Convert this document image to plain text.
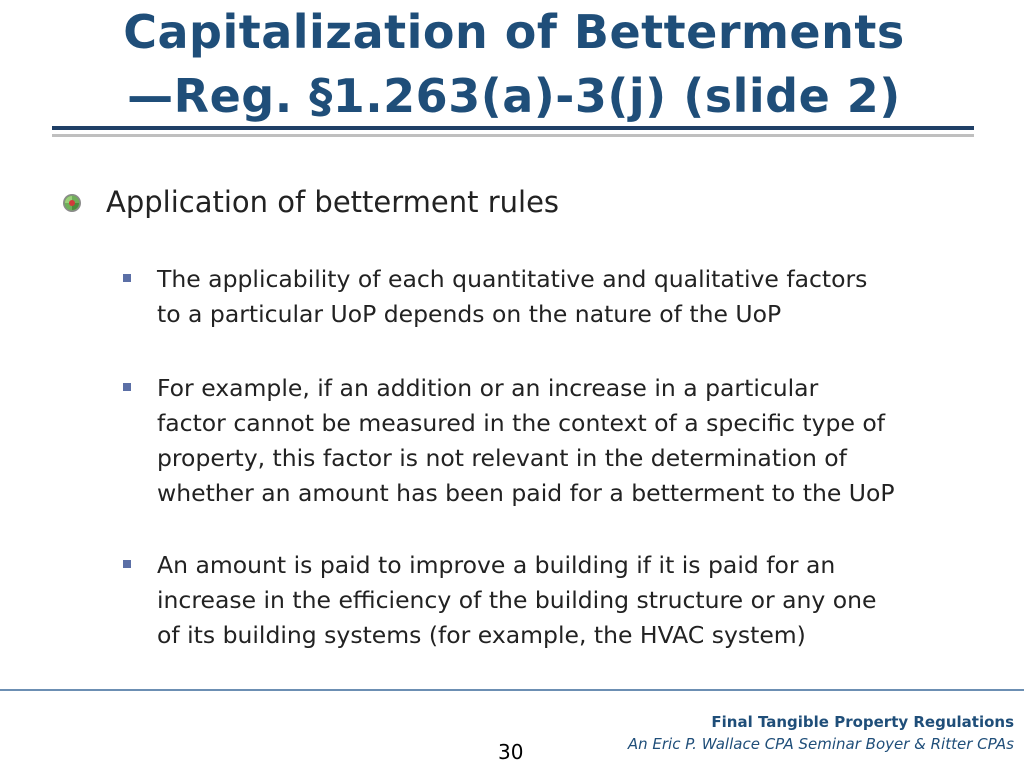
Capitalization of Betterments
—Reg. §1.263(a)-3(j) (slide 2)
Application of betterment rules
The applicability of each quantitative and qualitative factors
to a particular UoP depends on the nature of the UoP
For example, if an addition or an increase in a particular
factor cannot be measured in the context of a specific type of
property, this factor is not relevant in the determination of
whether an amount has been paid for a betterment to the UoP
An amount is paid to improve a building if it is paid for an
increase in the efficiency of the building structure or any one
of its building systems (for example, the HVAC system)
Final Tangible Property Regulations
An Eric P. Wallace CPA Seminar Boyer & Ritter CPAs
30
